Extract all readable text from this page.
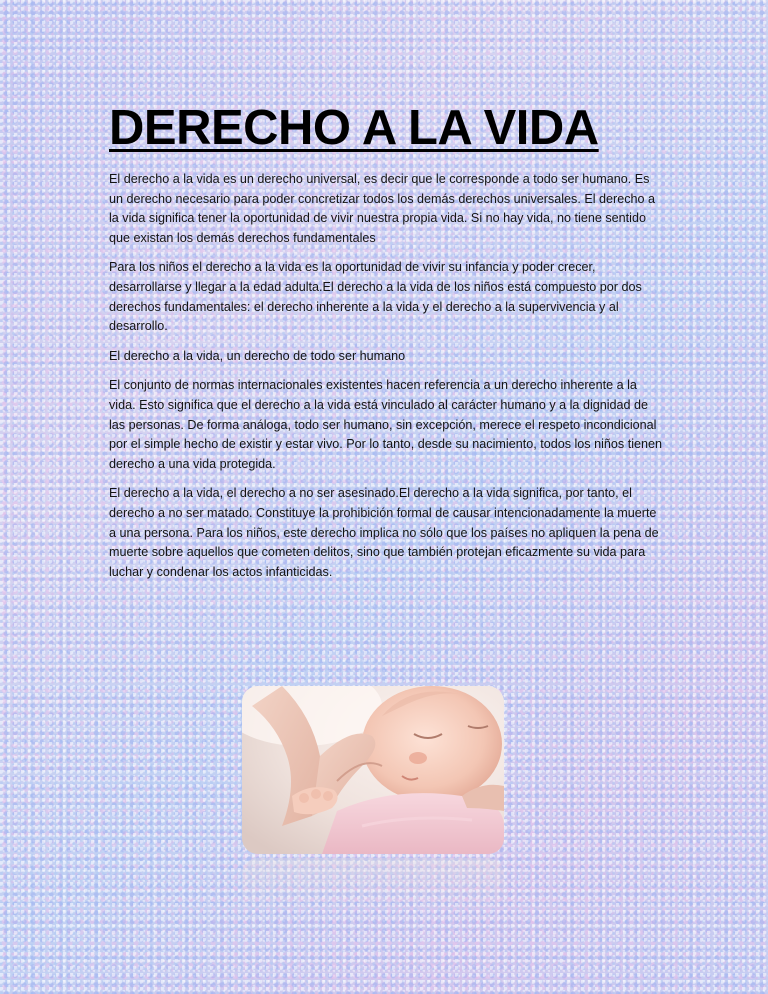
DERECHO A LA VIDA

El derecho a la vida es un derecho universal, es decir que le corresponde a todo ser humano. Es un derecho necesario para poder concretizar todos los demás derechos universales. El derecho a la vida significa tener la oportunidad de vivir nuestra propia vida. Si no hay vida, no tiene sentido que existan los demás derechos fundamentales

Para los niños el derecho a la vida es la oportunidad de vivir su infancia y poder crecer, desarrollarse y llegar a la edad adulta.El derecho a la vida de los niños está compuesto por dos derechos fundamentales: el derecho inherente a la vida y el derecho a la supervivencia y al desarrollo.

El derecho a la vida, un derecho de todo ser humano

El conjunto de normas internacionales existentes hacen referencia a un derecho inherente a la vida. Esto significa que el derecho a la vida está vinculado al carácter humano y a la dignidad de las personas. De forma análoga, todo ser humano, sin excepción, merece el respeto incondicional por el simple hecho de existir y estar vivo. Por lo tanto, desde su nacimiento, todos los niños tienen derecho a una vida protegida.

El derecho a la vida, el derecho a no ser asesinado.El derecho a la vida significa, por tanto, el derecho a no ser matado. Constituye la prohibición formal de causar intencionadamente la muerte a una persona. Para los niños, este derecho implica no sólo que los países no apliquen la pena de muerte sobre aquellos que cometen delitos, sino que también protejan eficazmente su vida para luchar y condenar los actos infanticidas.
